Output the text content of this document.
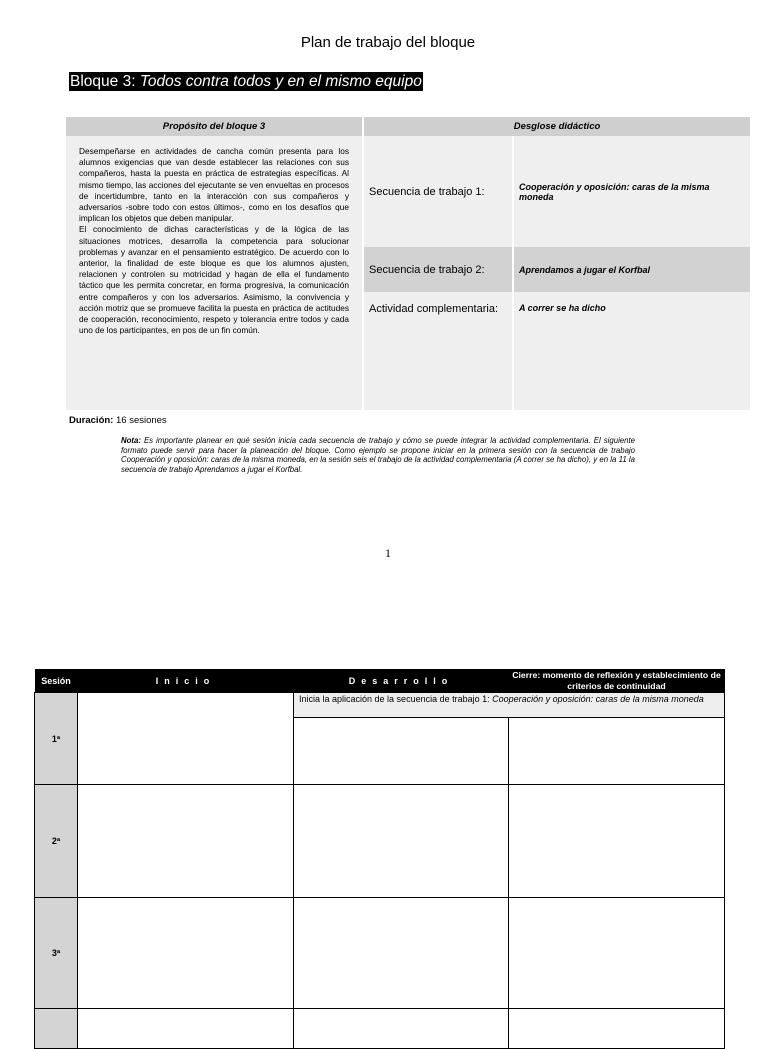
Plan de trabajo del bloque
Bloque 3: Todos contra todos y en el mismo equipo
Propósito del bloque 3	Desglose didáctico	

Desempeñarse en actividades de cancha común presenta para los alumnos exigencias que van desde establecer las relaciones con sus compañeros, hasta la puesta en práctica de estrategias específicas. Al mismo tiempo, las acciones del ejecutante se ven envueltas en procesos de incertidumbre, tanto en la interacción con sus compañeros y adversarios -sobre todo con estos últimos-, como en los desafíos que implican los objetos que deben manipular.

El conocimiento de dichas características y de la lógica de las situaciones motrices, desarrolla la competencia para solucionar problemas y avanzar en el pensamiento estratégico. De acuerdo con lo anterior, la finalidad de este bloque es que los alumnos ajusten, relacionen y controlen su motricidad y hagan de ella el fundamento táctico que les permita concretar, en forma progresiva, la comunicación entre compañeros y con los adversarios. Asimismo, la convivencia y acción motriz que se promueve facilita la puesta en práctica de actitudes de cooperación, reconocimiento, respeto y tolerancia entre todos y cada uno de los participantes, en pos de un fin común.	Secuencia de trabajo 1:	Cooperación y oposición: caras de la misma moneda
	Secuencia de trabajo 2:	Aprendamos a jugar el Korfbal
	Actividad complementaria:	A correr se ha dicho
Duración: 16 sesiones
Nota: Es importante planear en qué sesión inicia cada secuencia de trabajo y cómo se puede integrar la actividad complementaria. El siguiente formato puede servir para hacer la planeación del bloque. Como ejemplo se propone iniciar en la primera sesión con la secuencia de trabajo Cooperación y oposición: caras de la misma moneda, en la sesión seis el trabajo de la actividad complementaria (A correr se ha dicho), y en la 11 la secuencia de trabajo Aprendamos a jugar el Korfbal.
1
Sesión	Inicio	Desarrollo	Cierre: momento de reflexión y establecimiento de criterios de continuidad
1ª		Inicia la aplicación de la secuencia de trabajo 1: Cooperación y oposición: caras de la misma moneda	

2ª			
3ª			
